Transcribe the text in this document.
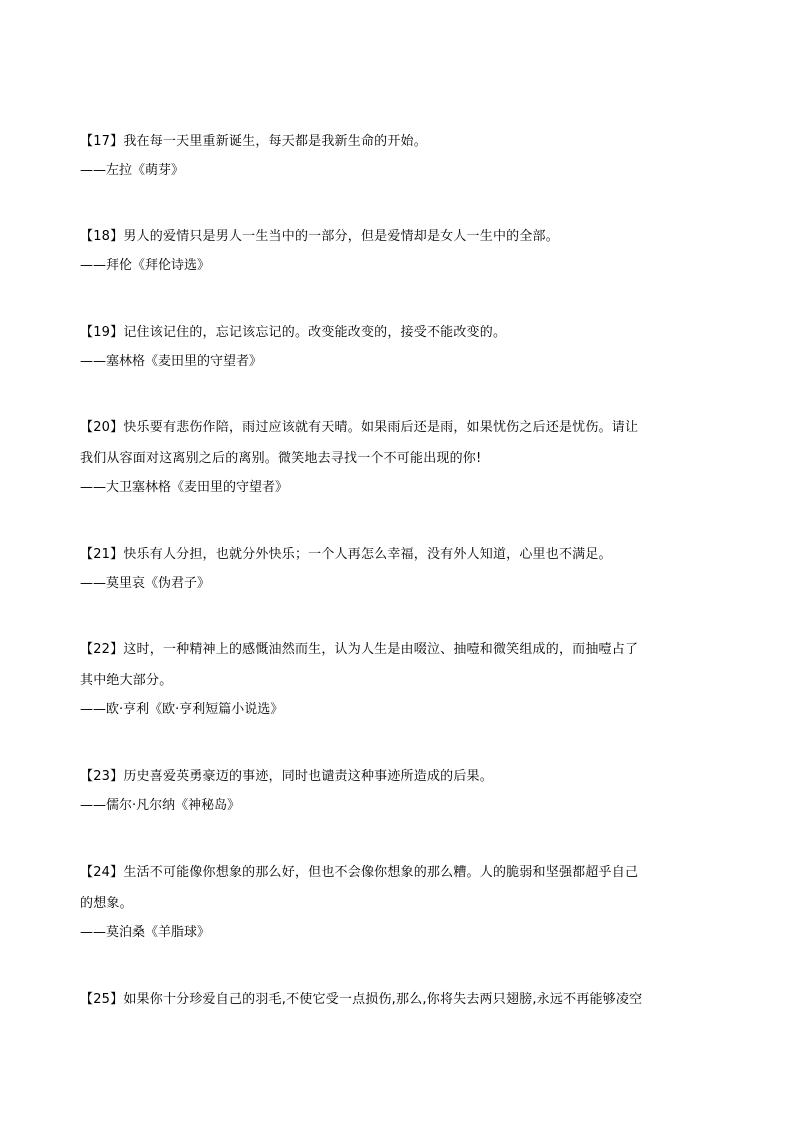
【17】我在每一天里重新诞生，每天都是我新生命的开始。
——左拉《萌芽》
【18】男人的爱情只是男人一生当中的一部分，但是爱情却是女人一生中的全部。
——拜伦《拜伦诗选》
【19】记住该记住的，忘记该忘记的。改变能改变的，接受不能改变的。
——塞林格《麦田里的守望者》
【20】快乐要有悲伤作陪，雨过应该就有天晴。如果雨后还是雨，如果忧伤之后还是忧伤。请让
我们从容面对这离别之后的离别。微笑地去寻找一个不可能出现的你!
——大卫塞林格《麦田里的守望者》
【21】快乐有人分担，也就分外快乐；一个人再怎么幸福，没有外人知道，心里也不满足。
——莫里哀《伪君子》
【22】这时，一种精神上的感慨油然而生，认为人生是由啜泣、抽噎和微笑组成的，而抽噎占了
其中绝大部分。
——欧·亨利《欧·亨利短篇小说选》
【23】历史喜爱英勇豪迈的事迹，同时也谴责这种事迹所造成的后果。
——儒尔·凡尔纳《神秘岛》
【24】生活不可能像你想象的那么好，但也不会像你想象的那么糟。人的脆弱和坚强都超乎自己
的想象。
——莫泊桑《羊脂球》
【25】如果你十分珍爱自己的羽毛,不使它受一点损伤,那么,你将失去两只翅膀,永远不再能够凌空
